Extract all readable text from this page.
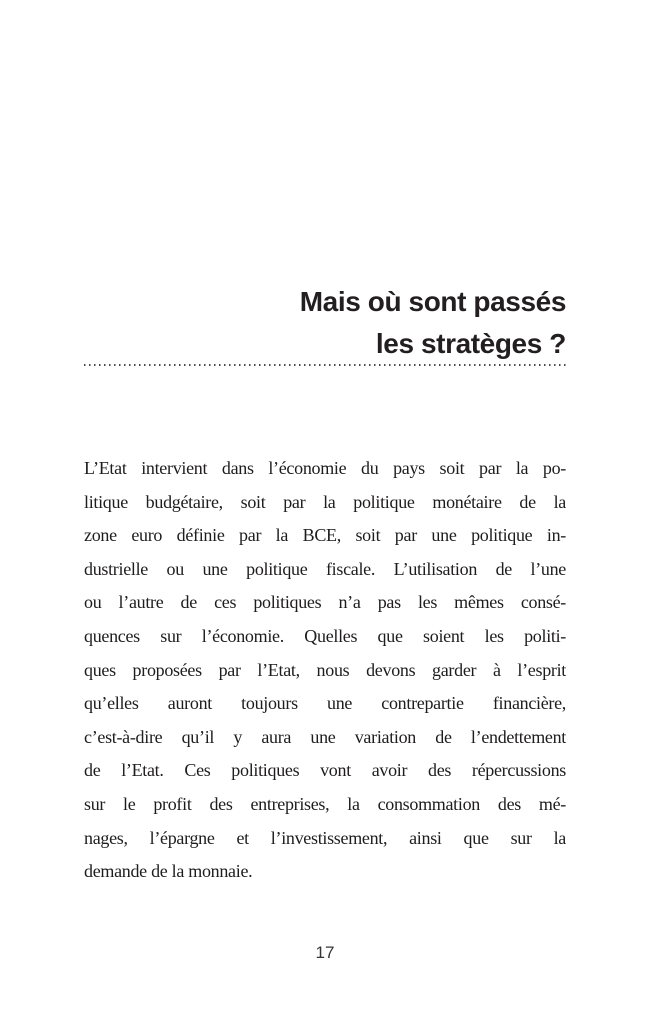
Mais où sont passés
les stratèges ?
L’Etat intervient dans l’économie du pays soit par la po-
litique budgétaire, soit par la politique monétaire de la
zone euro définie par la BCE, soit par une politique in-
dustrielle ou une politique fiscale. L’utilisation de l’une
ou l’autre de ces politiques n’a pas les mêmes consé-
quences sur l’économie. Quelles que soient les politi-
ques proposées par l’Etat, nous devons garder à l’esprit
qu’elles auront toujours une contrepartie financière,
c’est-à-dire qu’il y aura une variation de l’endettement
de l’Etat. Ces politiques vont avoir des répercussions
sur le profit des entreprises, la consommation des mé-
nages, l’épargne et l’investissement, ainsi que sur la
demande de la monnaie.
17
